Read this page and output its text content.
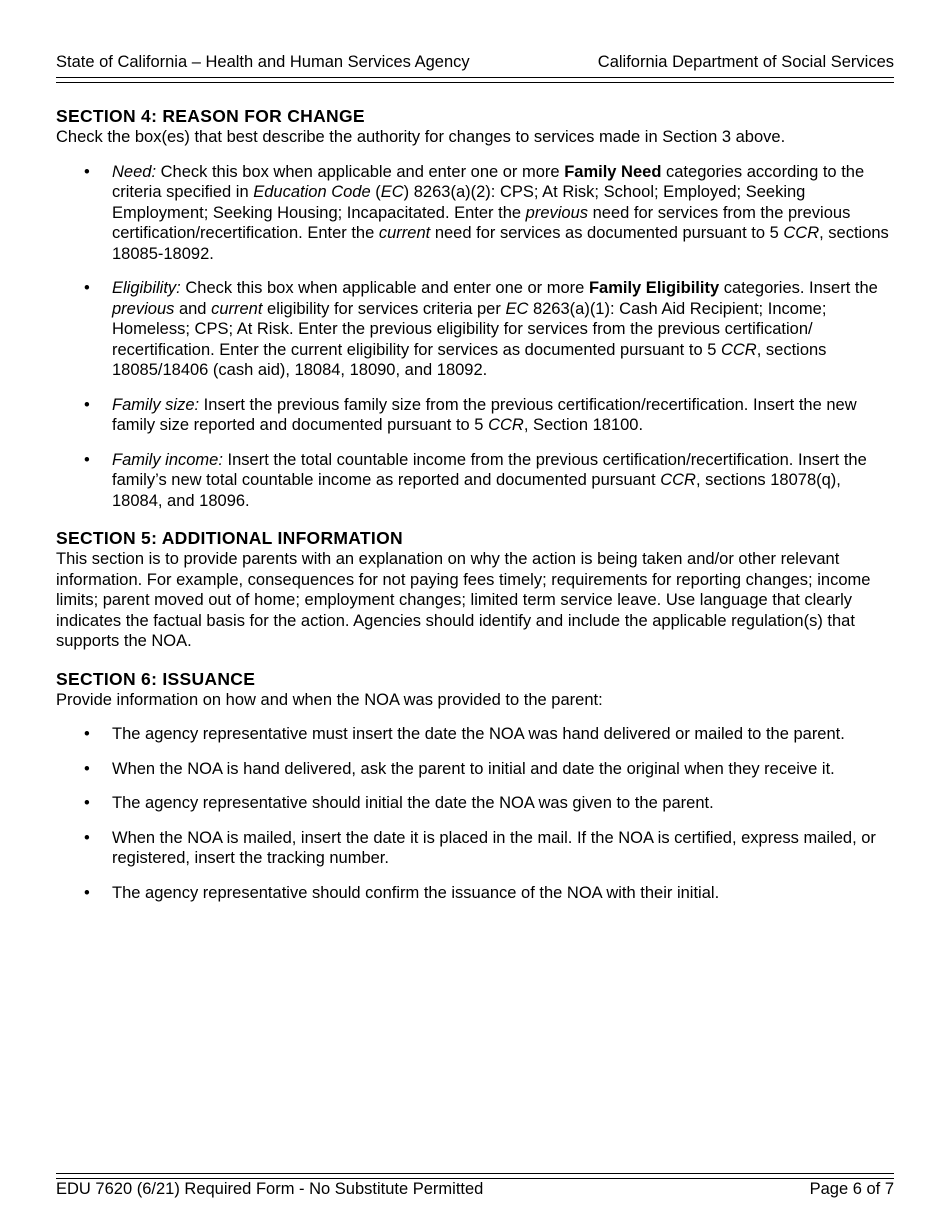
State of California – Health and Human Services Agency	California Department of Social Services
SECTION 4: REASON FOR CHANGE

Check the box(es) that best describe the authority for changes to services made in Section 3 above.

• Need: Check this box when applicable and enter one or more Family Need categories according to the criteria specified in Education Code (EC) 8263(a)(2): CPS; At Risk; School; Employed; Seeking Employment; Seeking Housing; Incapacitated. Enter the previous need for services from the previous certification/recertification. Enter the current need for services as documented pursuant to 5 CCR, sections 18085-18092.
• Eligibility: Check this box when applicable and enter one or more Family Eligibility categories. Insert the previous and current eligibility for services criteria per EC 8263(a)(1): Cash Aid Recipient; Income; Homeless; CPS; At Risk. Enter the previous eligibility for services from the previous certification/ recertification. Enter the current eligibility for services as documented pursuant to 5 CCR, sections 18085/18406 (cash aid), 18084, 18090, and 18092.
• Family size: Insert the previous family size from the previous certification/recertification. Insert the new family size reported and documented pursuant to 5 CCR, Section 18100.
• Family income: Insert the total countable income from the previous certification/recertification. Insert the family’s new total countable income as reported and documented pursuant CCR, sections 18078(q), 18084, and 18096.
SECTION 5: ADDITIONAL INFORMATION

This section is to provide parents with an explanation on why the action is being taken and/or other relevant information. For example, consequences for not paying fees timely; requirements for reporting changes; income limits; parent moved out of home; employment changes; limited term service leave. Use language that clearly indicates the factual basis for the action. Agencies should identify and include the applicable regulation(s) that supports the NOA.

SECTION 6: ISSUANCE

Provide information on how and when the NOA was provided to the parent:

• The agency representative must insert the date the NOA was hand delivered or mailed to the parent.
• When the NOA is hand delivered, ask the parent to initial and date the original when they receive it.
• The agency representative should initial the date the NOA was given to the parent.
• When the NOA is mailed, insert the date it is placed in the mail. If the NOA is certified, express mailed, or registered, insert the tracking number.
• The agency representative should confirm the issuance of the NOA with their initial.
EDU 7620 (6/21) Required Form - No Substitute Permitted	Page 6 of 7
